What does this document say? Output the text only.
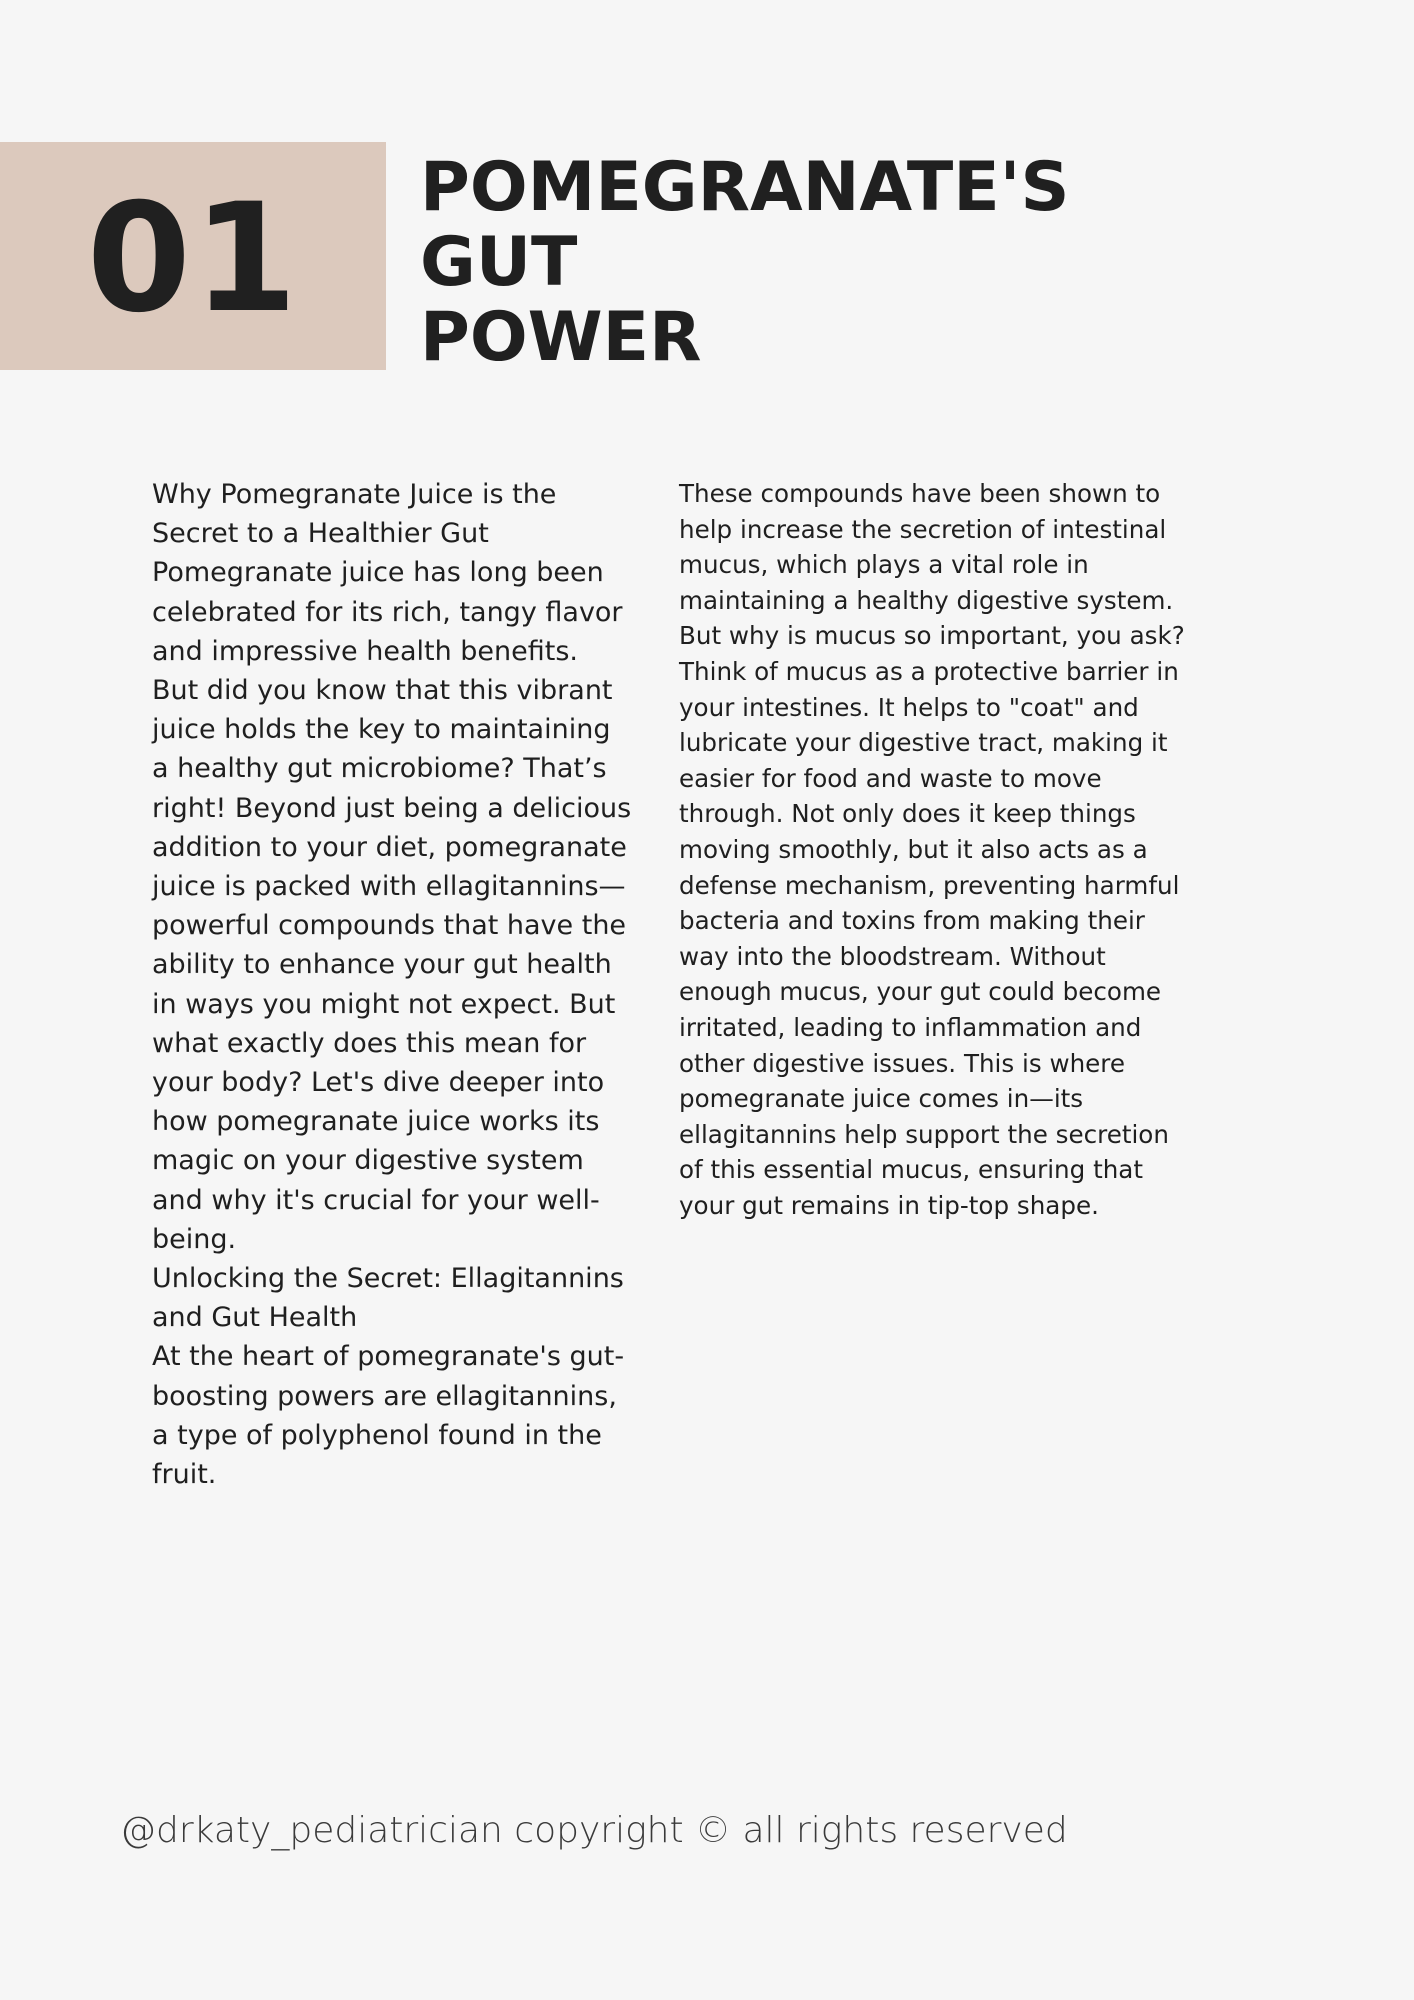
01 POMEGRANATE'S
GUT
POWER

Why Pomegranate Juice is the Secret to a Healthier Gut

Pomegranate juice has long been celebrated for its rich, tangy flavor and impressive health benefits. But did you know that this vibrant juice holds the key to maintaining a healthy gut microbiome? That’s right! Beyond just being a delicious addition to your diet, pomegranate juice is packed with ellagitannins—powerful compounds that have the ability to enhance your gut health in ways you might not expect. But what exactly does this mean for your body? Let's dive deeper into how pomegranate juice works its magic on your digestive system and why it's crucial for your well-being.

Unlocking the Secret: Ellagitannins and Gut Health

At the heart of pomegranate's gut-boosting powers are ellagitannins, a type of polyphenol found in the fruit.

These compounds have been shown to help increase the secretion of intestinal mucus, which plays a vital role in maintaining a healthy digestive system. But why is mucus so important, you ask?

Think of mucus as a protective barrier in your intestines. It helps to "coat" and lubricate your digestive tract, making it easier for food and waste to move through. Not only does it keep things moving smoothly, but it also acts as a defense mechanism, preventing harmful bacteria and toxins from making their way into the bloodstream. Without enough mucus, your gut could become irritated, leading to inflammation and other digestive issues. This is where pomegranate juice comes in—its ellagitannins help support the secretion of this essential mucus, ensuring that your gut remains in tip-top shape.

@drkaty_pediatrician copyright © all rights reserved
